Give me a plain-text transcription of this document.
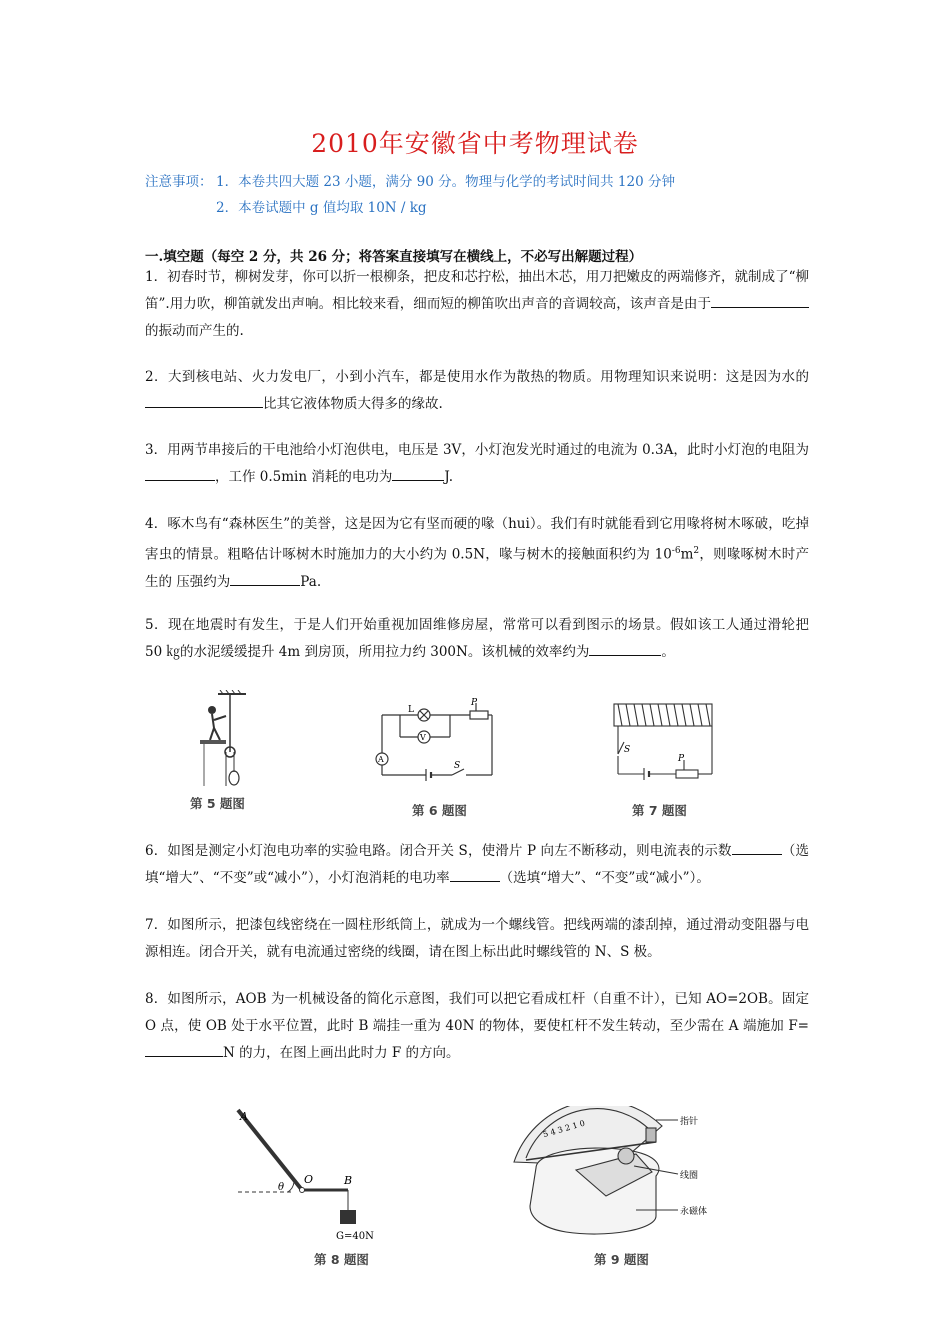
2010年安徽省中考物理试卷
注意事项： 1．本卷共四大题 23 小题，满分 90 分。物理与化学的考试时间共 120 分钟
2．本卷试题中 g 值均取 10N / kg
一.填空题（每空 2 分，共 26 分；将答案直接填写在横线上，不必写出解题过程）
1．初春时节，柳树发芽，你可以折一根柳条，把皮和芯拧松，抽出木芯，用刀把嫩皮的两端修齐，就制成了“柳笛”.用力吹，柳笛就发出声响。相比较来看，细而短的柳笛吹出声音的音调较高，该声音是由于的振动而产生的.
2．大到核电站、火力发电厂，小到小汽车，都是使用水作为散热的物质。用物理知识来说明：这是因为水的比其它液体物质大得多的缘故.
3．用两节串接后的干电池给小灯泡供电，电压是 3V，小灯泡发光时通过的电流为 0.3A，此时小灯泡的电阻为，工作 0.5min 消耗的电功为	J.
4．啄木鸟有“森林医生”的美誉，这是因为它有坚而硬的喙（hui）。我们有时就能看到它用喙将树木啄破，吃掉害虫的情景。粗略估计啄树木时施加力的大小约为 0.5N，喙与树木的接触面积约为 $10^{-6}m^2$，则喙啄树木时产生的 压强约为	Pa.
5．现在地震时有发生，于是人们开始重视加固维修房屋，常常可以看到图示的场景。假如该工人通过滑轮把 50 ㎏的水泥缓缓提升 4m 到房顶，所用拉力约 300N。该机械的效率约为	。
第 5 题图
L
P
V
A
S
第 6 题图
S
P
第 7 题图
6．如图是测定小灯泡电功率的实验电路。闭合开关 S，使滑片 P 向左不断移动，则电流表的示数	（选填“增大”、“不变”或“减小”），小灯泡消耗的电功率	（选填“增大”、“不变”或“减小”）。
7．如图所示，把漆包线密绕在一圆柱形纸筒上，就成为一个螺线管。把线两端的漆刮掉，通过滑动变阻器与电源相连。闭合开关，就有电流通过密绕的线圈，请在图上标出此时螺线管的 N、S 极。
8．如图所示，AOB 为一机械设备的简化示意图，我们可以把它看成杠杆（自重不计），已知 AO=2OB。固定 O 点，使 OB 处于水平位置，此时 B 端挂一重为 40N 的物体，要使杠杆不发生转动，至少需在 A 端施加 F=N 的力，在图上画出此时力 F 的方向。
A
θ
O	B
G=40N
第 8 题图
5 4 3 2 1 0	指针
线圈
永磁体
第 9 题图
